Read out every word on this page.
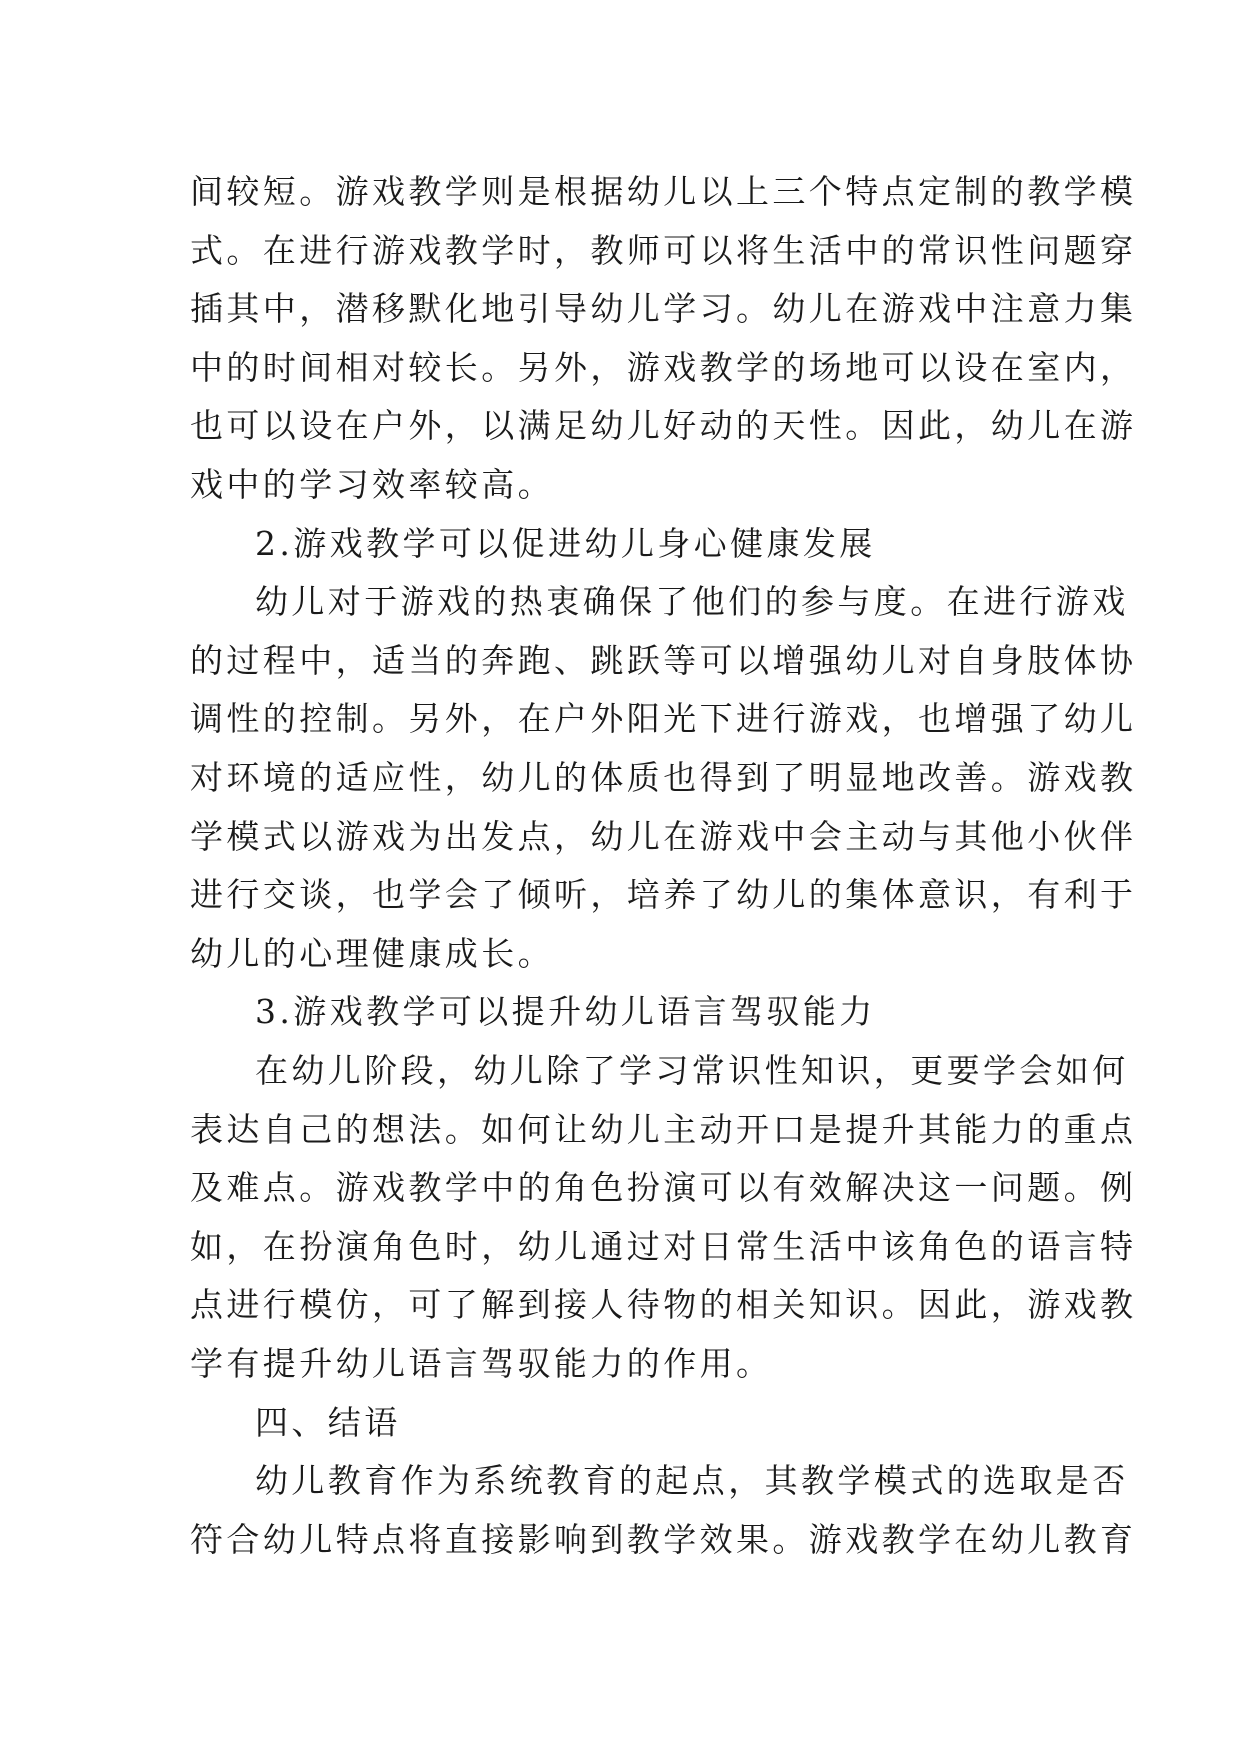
间较短。游戏教学则是根据幼儿以上三个特点定制的教学模
式。在进行游戏教学时，教师可以将生活中的常识性问题穿
插其中，潜移默化地引导幼儿学习。幼儿在游戏中注意力集
中的时间相对较长。另外，游戏教学的场地可以设在室内，
也可以设在户外，以满足幼儿好动的天性。因此，幼儿在游
戏中的学习效率较高。
2.游戏教学可以促进幼儿身心健康发展
幼儿对于游戏的热衷确保了他们的参与度。在进行游戏
的过程中，适当的奔跑、跳跃等可以增强幼儿对自身肢体协
调性的控制。另外，在户外阳光下进行游戏，也增强了幼儿
对环境的适应性，幼儿的体质也得到了明显地改善。游戏教
学模式以游戏为出发点，幼儿在游戏中会主动与其他小伙伴
进行交谈，也学会了倾听，培养了幼儿的集体意识，有利于
幼儿的心理健康成长。
3.游戏教学可以提升幼儿语言驾驭能力
在幼儿阶段，幼儿除了学习常识性知识，更要学会如何
表达自己的想法。如何让幼儿主动开口是提升其能力的重点
及难点。游戏教学中的角色扮演可以有效解决这一问题。例
如，在扮演角色时，幼儿通过对日常生活中该角色的语言特
点进行模仿，可了解到接人待物的相关知识。因此，游戏教
学有提升幼儿语言驾驭能力的作用。
四、结语
幼儿教育作为系统教育的起点，其教学模式的选取是否
符合幼儿特点将直接影响到教学效果。游戏教学在幼儿教育
